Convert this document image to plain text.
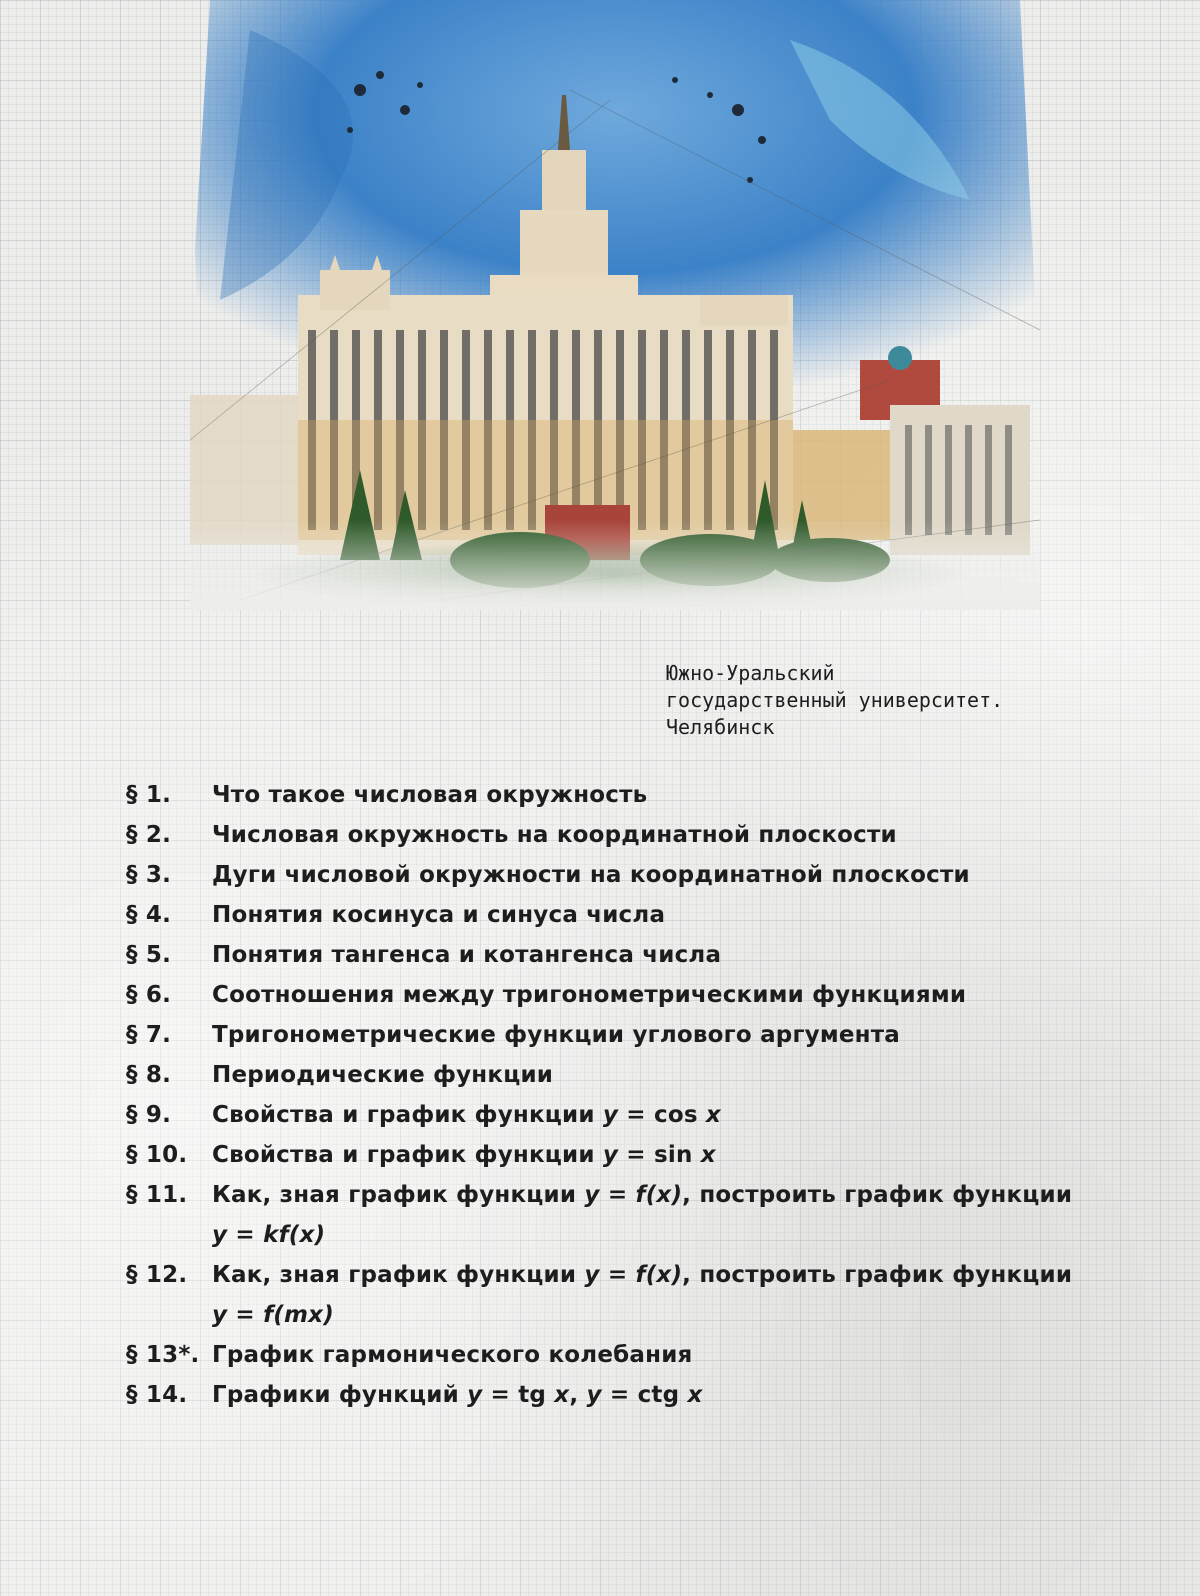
Южно-Уральский
государственный университет.
Челябинск
§ 1.	Что такое числовая окружность
§ 2.	Числовая окружность на координатной плоскости
§ 3.	Дуги числовой окружности на координатной плоскости
§ 4.	Понятия косинуса и синуса числа
§ 5.	Понятия тангенса и котангенса числа
§ 6.	Соотношения между тригонометрическими функциями
§ 7.	Тригонометрические функции углового аргумента
§ 8.	Периодические функции
§ 9.	Свойства и график функции y = cos x
§ 10.	Свойства и график функции y = sin x
§ 11.	Как, зная график функции y = f(x), построить график функции
y = kf(x)
§ 12.	Как, зная график функции y = f(x), построить график функции
y = f(mx)
§ 13*. График гармонического колебания
§ 14.	Графики функций y = tg x, y = ctg x
